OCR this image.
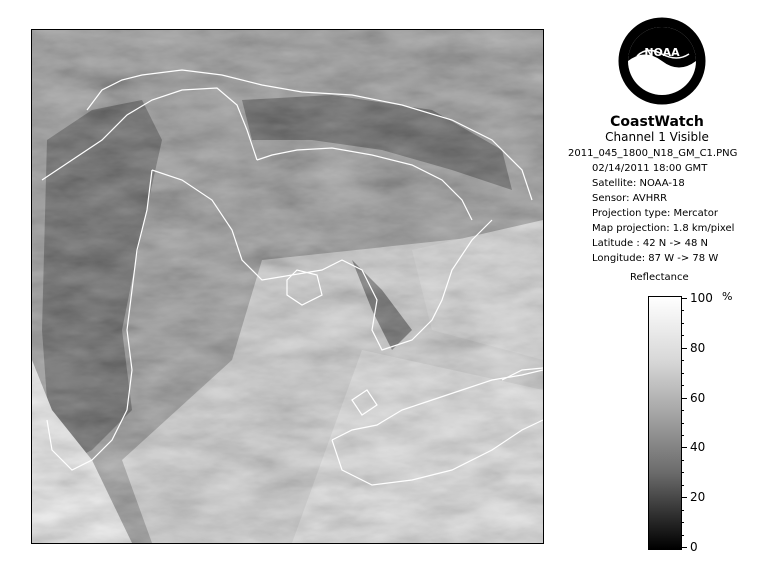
NOAA
CoastWatch
Channel 1 Visible
2011_045_1800_N18_GM_C1.PNG
02/14/2011 18:00 GMT
Satellite: NOAA-18
Sensor: AVHRR
Projection type: Mercator
Map projection: 1.8 km/pixel
Latitude : 42 N -> 48 N
Longitude: 87 W -> 78 W
Reflectance
%
100
80
60
40
20
0
